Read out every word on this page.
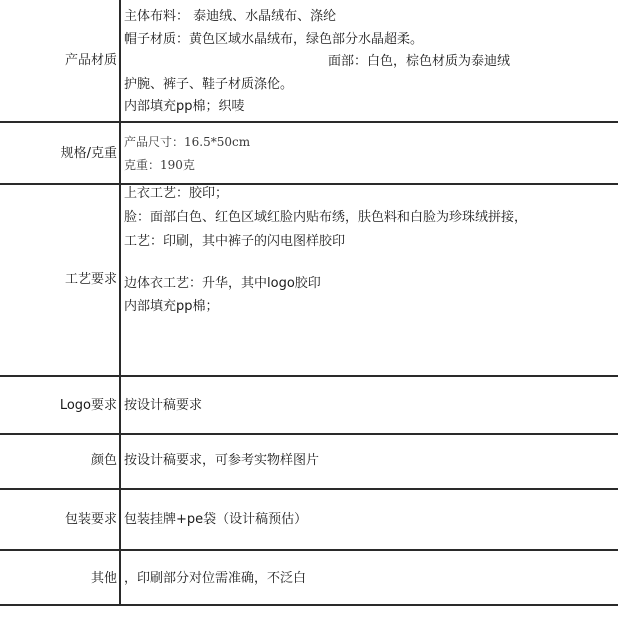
产品材质
主体布料： 泰迪绒、水晶绒布、涤纶
帽子材质：黄色区域水晶绒布，绿色部分水晶超柔。
面部：白色，棕色材质为泰迪绒
护腕、裤子、鞋子材质涤伦。
内部填充pp棉；织唛
规格/克重
产品尺寸：16.5*50cm
克重：190克
工艺要求
上衣工艺：胶印；
脸：面部白色、红色区域红脸内贴布绣，肤色料和白脸为珍珠绒拼接，
工艺：印刷，其中裤子的闪电图样胶印
边体衣工艺：升华，其中logo胶印
内部填充pp棉；
Logo要求 按设计稿要求
颜色 按设计稿要求，可参考实物样图片
包装要求 包装挂牌+pe袋（设计稿预估）
其他 ，印刷部分对位需准确，不泛白
